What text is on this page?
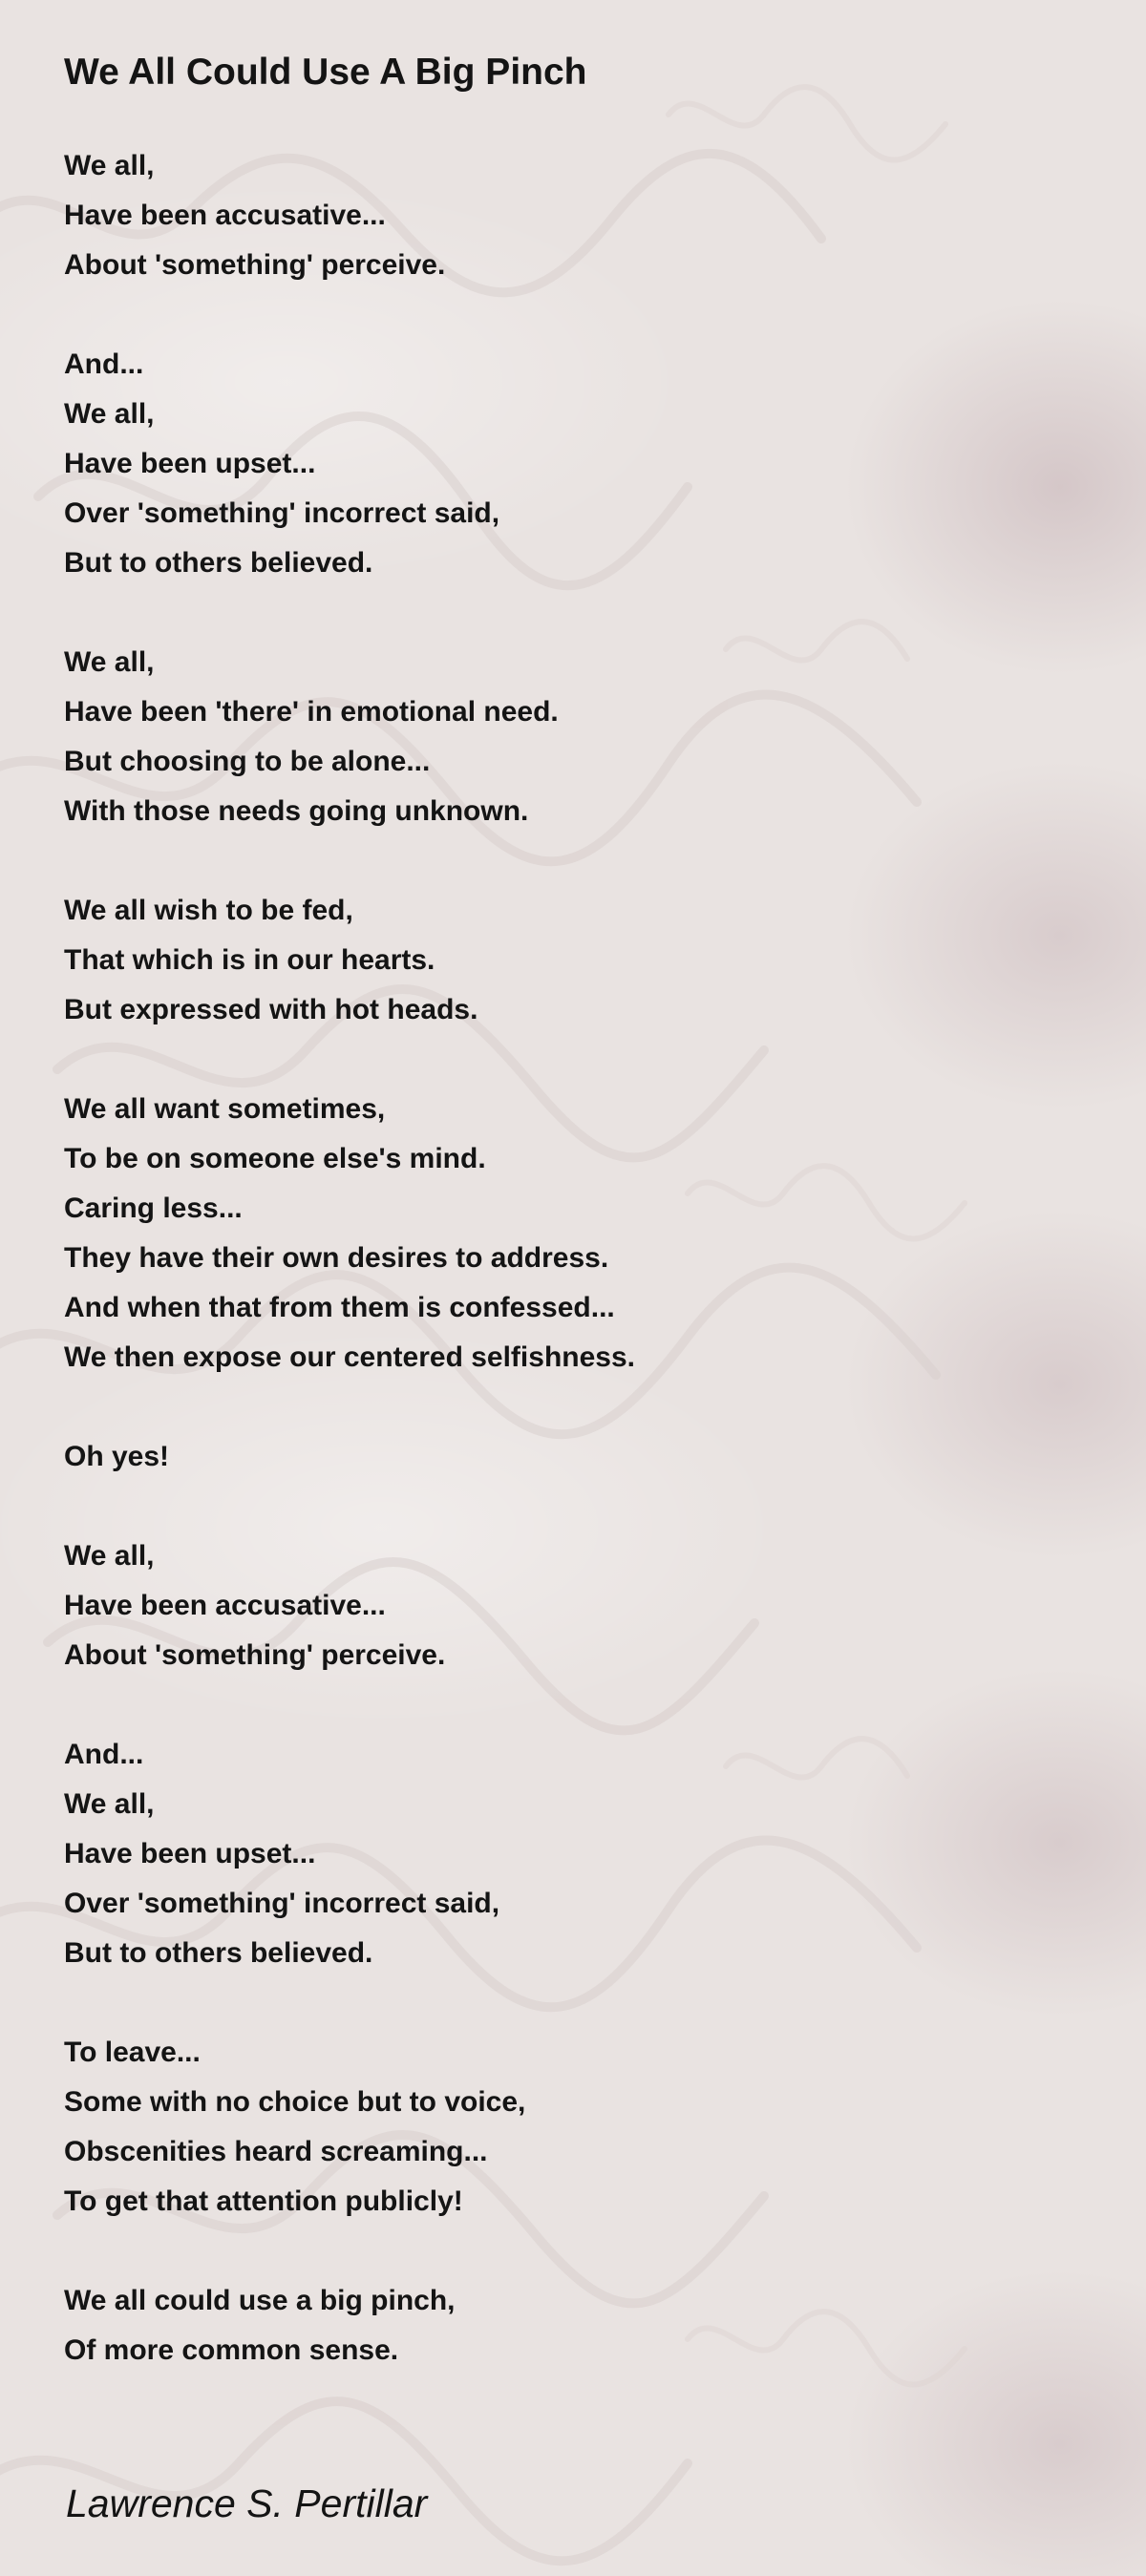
We All Could Use A Big Pinch
We all,
Have been accusative...
About 'something' perceive.
And...
We all,
Have been upset...
Over 'something' incorrect said,
But to others believed.
We all,
Have been 'there' in emotional need.
But choosing to be alone...
With those needs going unknown.
We all wish to be fed,
That which is in our hearts.
But expressed with hot heads.
We all want sometimes,
To be on someone else's mind.
Caring less...
They have their own desires to address.
And when that from them is confessed...
We then expose our centered selfishness.
Oh yes!
We all,
Have been accusative...
About 'something' perceive.
And...
We all,
Have been upset...
Over 'something' incorrect said,
But to others believed.
To leave...
Some with no choice but to voice,
Obscenities heard screaming...
To get that attention publicly!
We all could use a big pinch,
Of more common sense.

Lawrence S. Pertillar
